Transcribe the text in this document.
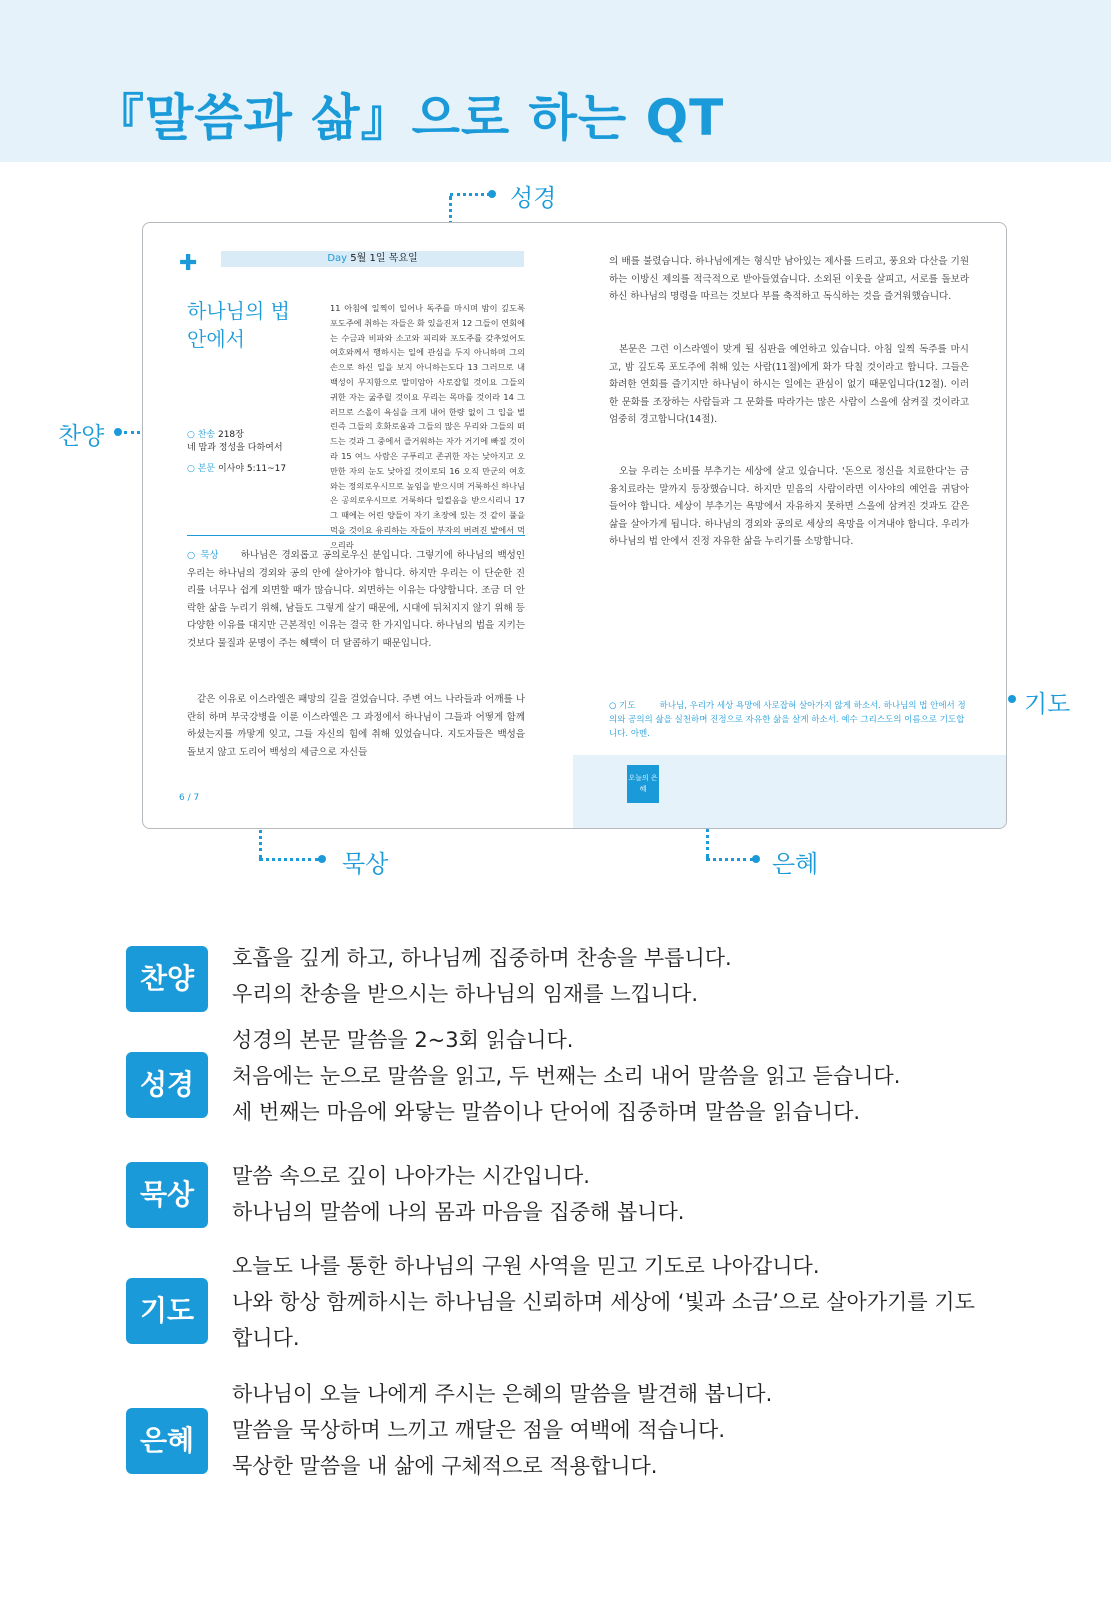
『말씀과 삶』으로 하는 QT
성경
찬양
기도
묵상	은혜
✚	Day 5월 1일 목요일
하나님의 법 안에서
○ 찬송 218장
네 맘과 정성을 다하여서
○ 본문 이사야 5:11~17
11 아침에 일찍이 일어나 독주를 마시며 밤이 깊도록 포도주에 취하는 자들은 화 있을진저 12 그들이 연회에는 수금과 비파와 소고와 피리와 포도주를 갖추었어도 여호와께서 행하시는 일에 관심을 두지 아니하며 그의 손으로 하신 일을 보지 아니하는도다 13 그러므로 내 백성이 무지함으로 말미암아 사로잡힐 것이요 그들의 귀한 자는 굶주릴 것이요 무리는 목마를 것이라 14 그러므로 스올이 욕심을 크게 내어 한량 없이 그 입을 벌린즉 그들의 호화로움과 그들의 많은 무리와 그들의 떠드는 것과 그 중에서 즐거워하는 자가 거기에 빠질 것이라 15 여느 사람은 구푸리고 존귀한 자는 낮아지고 오만한 자의 눈도 낮아질 것이로되 16 오직 만군의 여호와는 정의로우시므로 높임을 받으시며 거룩하신 하나님은 공의로우시므로 거룩하다 일컬음을 받으시리니 17 그 때에는 어린 양들이 자기 초장에 있는 것 같이 풀을 먹을 것이요 유리하는 자들이 부자의 버려진 밭에서 먹으리라
○ 묵상 하나님은 경외롭고 공의로우신 분입니다. 그렇기에 하나님의 백성인 우리는 하나님의 경외와 공의 안에 살아가야 합니다. 하지만 우리는 이 단순한 진리를 너무나 쉽게 외면할 때가 많습니다. 외면하는 이유는 다양합니다. 조금 더 안락한 삶을 누리기 위해, 남들도 그렇게 살기 때문에, 시대에 뒤처지지 않기 위해 등 다양한 이유를 대지만 근본적인 이유는 결국 한 가지입니다. 하나님의 법을 지키는 것보다 물질과 문명이 주는 혜택이 더 달콤하기 때문입니다.
같은 이유로 이스라엘은 패망의 길을 걸었습니다. 주변 여느 나라들과 어깨를 나란히 하며 부국강병을 이룬 이스라엘은 그 과정에서 하나님이 그들과 어떻게 함께하셨는지를 까맣게 잊고, 그들 자신의 힘에 취해 있었습니다. 지도자들은 백성을 돌보지 않고 도리어 백성의 세금으로 자신들
6 / 7
의 배를 불렸습니다. 하나님에게는 형식만 남아있는 제사를 드리고, 풍요와 다산을 기원하는 이방신 제의를 적극적으로 받아들였습니다. 소외된 이웃을 살피고, 서로를 돌보라 하신 하나님의 명령을 따르는 것보다 부를 축적하고 독식하는 것을 즐거워했습니다.
본문은 그런 이스라엘이 맞게 될 심판을 예언하고 있습니다. 아침 일찍 독주를 마시고, 밤 깊도록 포도주에 취해 있는 사람(11절)에게 화가 닥칠 것이라고 합니다. 그들은 화려한 연회를 즐기지만 하나님이 하시는 일에는 관심이 없기 때문입니다(12절). 이러한 문화를 조장하는 사람들과 그 문화를 따라가는 많은 사람이 스올에 삼켜질 것이라고 엄중히 경고합니다(14절).
오늘 우리는 소비를 부추기는 세상에 살고 있습니다. '돈으로 정신을 치료한다'는 금융치료라는 말까지 등장했습니다. 하지만 믿음의 사람이라면 이사야의 예언을 귀담아 들어야 합니다. 세상이 부추기는 욕망에서 자유하지 못하면 스올에 삼켜진 것과도 같은 삶을 살아가게 됩니다. 하나님의 경외와 공의로 세상의 욕망을 이겨내야 합니다. 우리가 하나님의 법 안에서 진정 자유한 삶을 누리기를 소망합니다.
○ 기도	하나님, 우리가 세상 욕망에 사로잡혀 살아가지 않게 하소서. 하나님의 법 안에서 정의와 공의의 삶을 실천하며 진정으로 자유한 삶을 살게 하소서. 예수 그리스도의 이름으로 기도합니다. 아멘.
오늘의 은혜
찬양
호흡을 깊게 하고, 하나님께 집중하며 찬송을 부릅니다.
우리의 찬송을 받으시는 하나님의 임재를 느낍니다.
성경
성경의 본문 말씀을 2~3회 읽습니다.
처음에는 눈으로 말씀을 읽고, 두 번째는 소리 내어 말씀을 읽고 듣습니다.
세 번째는 마음에 와닿는 말씀이나 단어에 집중하며 말씀을 읽습니다.
묵상
말씀 속으로 깊이 나아가는 시간입니다.
하나님의 말씀에 나의 몸과 마음을 집중해 봅니다.
기도
오늘도 나를 통한 하나님의 구원 사역을 믿고 기도로 나아갑니다.
나와 항상 함께하시는 하나님을 신뢰하며 세상에 ‘빛과 소금’으로 살아가기를 기도
합니다.
은혜
하나님이 오늘 나에게 주시는 은혜의 말씀을 발견해 봅니다.
말씀을 묵상하며 느끼고 깨달은 점을 여백에 적습니다.
묵상한 말씀을 내 삶에 구체적으로 적용합니다.
